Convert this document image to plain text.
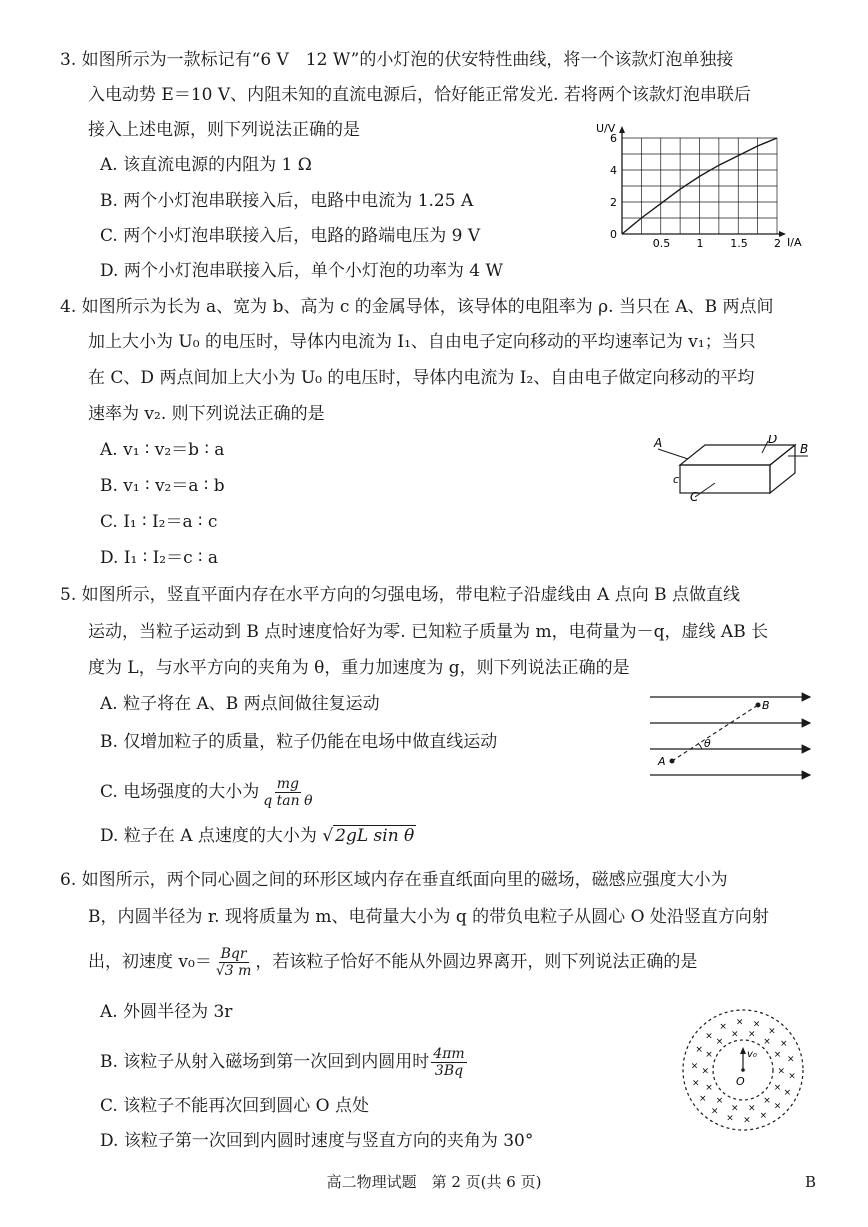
3. 如图所示为一款标记有“6 V　12 W”的小灯泡的伏安特性曲线，将一个该款灯泡单独接
入电动势 E＝10 V、内阻未知的直流电源后，恰好能正常发光. 若将两个该款灯泡串联后
接入上述电源，则下列说法正确的是
A. 该直流电源的内阻为 1 Ω
B. 两个小灯泡串联接入后，电路中电流为 1.25 A
C. 两个小灯泡串联接入后，电路的路端电压为 9 V
D. 两个小灯泡串联接入后，单个小灯泡的功率为 4 W
U/V
I/A
0.5 1 1.5 2
0
2
4
6
4. 如图所示为长为 a、宽为 b、高为 c 的金属导体，该导体的电阻率为 ρ. 当只在 A、B 两点间
加上大小为 U₀ 的电压时，导体内电流为 I₁、自由电子定向移动的平均速率记为 v₁；当只
在 C、D 两点间加上大小为 U₀ 的电压时，导体内电流为 I₂、自由电子做定向移动的平均
速率为 v₂. 则下列说法正确的是
A. v₁ ∶ v₂＝b ∶ a
B. v₁ ∶ v₂＝a ∶ b
C. I₁ ∶ I₂＝a ∶ c
D. I₁ ∶ I₂＝c ∶ a
A	B
C
D
c
5. 如图所示，竖直平面内存在水平方向的匀强电场，带电粒子沿虚线由 A 点向 B 点做直线
运动，当粒子运动到 B 点时速度恰好为零. 已知粒子质量为 m，电荷量为－q，虚线 AB 长
度为 L，与水平方向的夹角为 θ，重力加速度为 g，则下列说法正确的是
A. 粒子将在 A、B 两点间做往复运动
B. 仅增加粒子的质量，粒子仍能在电场中做直线运动
C. 电场强度的大小为 $\frac{mg}{\text{q tan θ}}$
D. 粒子在 A 点速度的大小为 √ 2gL sin θ
A
B
θ
6. 如图所示，两个同心圆之间的环形区域内存在垂直纸面向里的磁场，磁感应强度大小为
B，内圆半径为 r. 现将质量为 m、电荷量大小为 q 的带负电粒子从圆心 O 处沿竖直方向射
出，初速度 $v_0= \frac{\text{Bqr}}{√3 m}$ ，若该粒子恰好不能从外圆边界离开，则下列说法正确的是
A. 外圆半径为 3r
B. 该粒子从射入磁场到第一次回到内圆用时 $\frac{4\pi m}{3Bq}$
C. 该粒子不能再次回到圆心 O 点处
D. 该粒子第一次回到内圆时速度与竖直方向的夹角为 30°
×
×
×
×
×
×
×
×
×
×
× ×
×
×
×
×
×
×
×
×
×
×
×
×
×
×
× × ×
×
×
×
v₀
O
高二物理试题　第 2 页(共 6 页)	B
